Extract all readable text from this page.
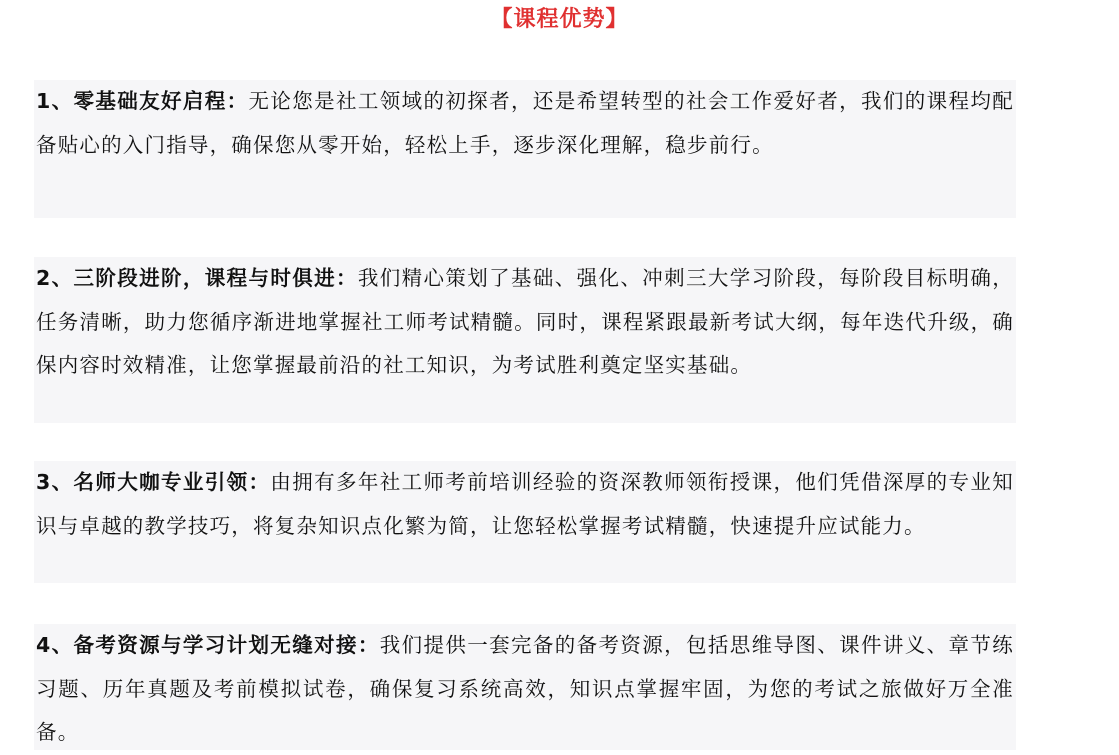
【课程优势】
1、零基础友好启程：无论您是社工领域的初探者，还是希望转型的社会工作爱好者，我们的课程均配备贴心的入门指导，确保您从零开始，轻松上手，逐步深化理解，稳步前行。
2、三阶段进阶，课程与时俱进：我们精心策划了基础、强化、冲刺三大学习阶段，每阶段目标明确，任务清晰，助力您循序渐进地掌握社工师考试精髓。同时，课程紧跟最新考试大纲，每年迭代升级，确保内容时效精准，让您掌握最前沿的社工知识，为考试胜利奠定坚实基础。
3、名师大咖专业引领：由拥有多年社工师考前培训经验的资深教师领衔授课，他们凭借深厚的专业知识与卓越的教学技巧，将复杂知识点化繁为简，让您轻松掌握考试精髓，快速提升应试能力。
4、备考资源与学习计划无缝对接：我们提供一套完备的备考资源，包括思维导图、课件讲义、章节练习题、历年真题及考前模拟试卷，确保复习系统高效，知识点掌握牢固，为您的考试之旅做好万全准备。
